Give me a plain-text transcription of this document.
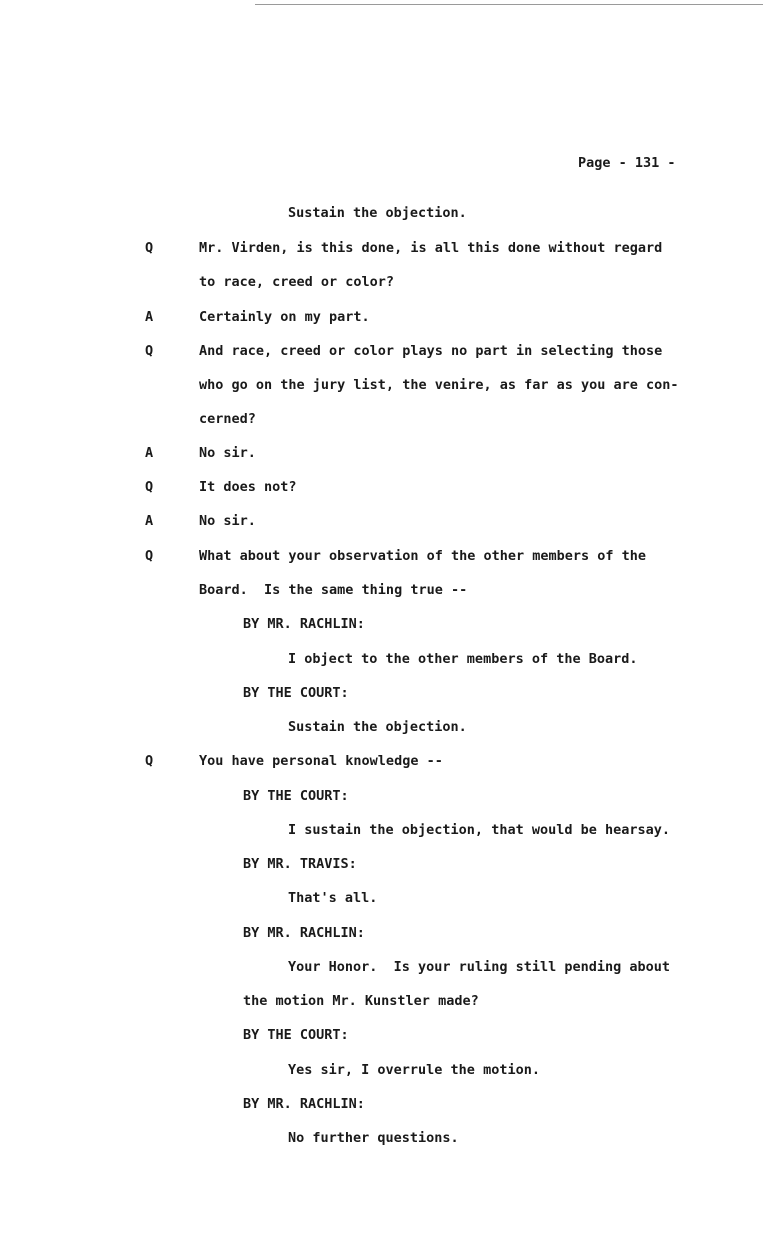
Page - 131 -
Sustain the objection.
Q	Mr. Virden, is this done, is all this done without regard
to race, creed or color?
A	Certainly on my part.
Q	And race, creed or color plays no part in selecting those
who go on the jury list, the venire, as far as you are con-
cerned?
A	No sir.
Q	It does not?
A	No sir.
Q	What about your observation of the other members of the
Board.  Is the same thing true --
BY MR. RACHLIN:
I object to the other members of the Board.
BY THE COURT:
Sustain the objection.
Q	You have personal knowledge --
BY THE COURT:
I sustain the objection, that would be hearsay.
BY MR. TRAVIS:
That's all.
BY MR. RACHLIN:
Your Honor.  Is your ruling still pending about
the motion Mr. Kunstler made?
BY THE COURT:
Yes sir, I overrule the motion.
BY MR. RACHLIN:
No further questions.
